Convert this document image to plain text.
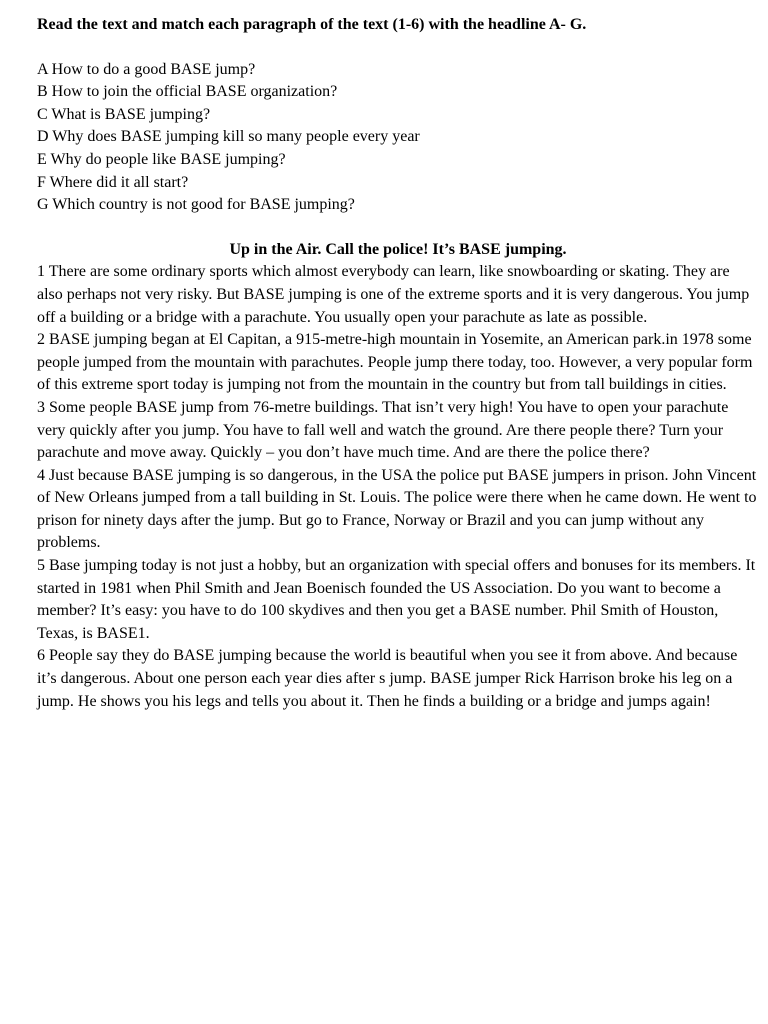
Read the text and match each paragraph of the text (1-6) with the headline A- G.

A How to do a good BASE jump?
B How to join the official BASE organization?
C What is BASE jumping?
D Why does BASE jumping kill so many people every year
E Why do people like BASE jumping?
F Where did it all start?
G Which country is not good for BASE jumping?

Up in the Air. Call the police! It’s BASE jumping.

1 There are some ordinary sports which almost everybody can learn, like snowboarding or skating. They are also perhaps not very risky. But BASE jumping is one of the extreme sports and it is very dangerous. You jump off a building or a bridge with a parachute. You usually open your parachute as late as possible.

2 BASE jumping began at El Capitan, a 915-metre-high mountain in Yosemite, an American park.in 1978 some people jumped from the mountain with parachutes. People jump there today, too. However, a very popular form of this extreme sport today is jumping not from the mountain in the country but from tall buildings in cities.

3 Some people BASE jump from 76-metre buildings. That isn’t very high! You have to open your parachute very quickly after you jump. You have to fall well and watch the ground. Are there people there? Turn your parachute and move away. Quickly – you don’t have much time. And are there the police there?

4 Just because BASE jumping is so dangerous, in the USA the police put BASE jumpers in prison. John Vincent of New Orleans jumped from a tall building in St. Louis. The police were there when he came down. He went to prison for ninety days after the jump. But go to France, Norway or Brazil and you can jump without any problems.

5 Base jumping today is not just a hobby, but an organization with special offers and bonuses for its members. It started in 1981 when Phil Smith and Jean Boenisch founded the US Association. Do you want to become a member? It’s easy: you have to do 100 skydives and then you get a BASE number. Phil Smith of Houston, Texas, is BASE1.

6 People say they do BASE jumping because the world is beautiful when you see it from above. And because it’s dangerous. About one person each year dies after s jump. BASE jumper Rick Harrison broke his leg on a jump. He shows you his legs and tells you about it. Then he finds a building or a bridge and jumps again!
